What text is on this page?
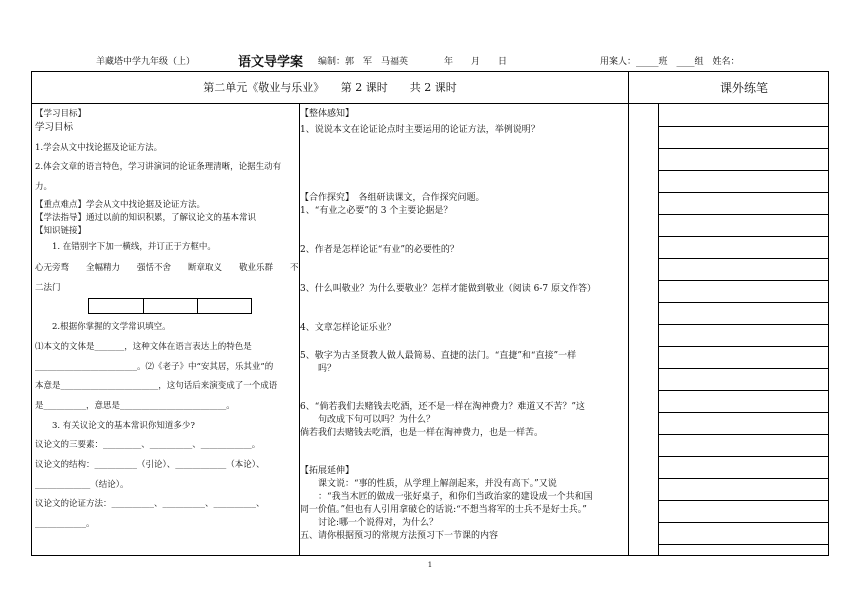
羊藏塔中学九年级（上）	语文导学案 编制：郭　军　马福英	年　　月　　日	用案人：_____班　____组　姓名：
第二单元《敬业与乐业》　　第 2 课时　　共 2 课时	课外练笔

【学习目标】

学习目标

1.学会从文中找论据及论证方法。

2.体会文章的语言特色，学习讲演词的论证条理清晰，论据生动有

力。

【重点难点】学会从文中找论据及论证方法。

【学法指导】通过以前的知识积累，了解议论文的基本常识

【知识链接】

　　1. 在错别字下加一横线，并订正于方框中。

心无旁骛　　全幅精力　　强恬不舍　　断章取义　　敬业乐群　　不

二法门

　　2.根据你掌握的文学常识填空。

⑴本文的文体是_______，这种文体在语言表达上的特色是

________________________。⑵《老子》中“安其居，乐其业”的

本意是_______________________，这句话后来演变成了一个成语

是__________，意思是_________________________。

　　3. 有关议论文的基本常识你知道多少?

议论文的三要素：_________、__________、____________。

议论文的结构：__________（引论）、____________（本论）、

_____________（结论）。

议论文的论证方法：__________、__________、__________、

____________。

【整体感知】

1、说说本文在论证论点时主要运用的论证方法，举例说明？

【合作探究】　各组研读课文，合作探究问题。

1、“有业之必要”的 3 个主要论据是？

2、作者是怎样论证“有业”的必要性的？

3、什么叫敬业？为什么要敬业？怎样才能做到敬业（阅读 6-7 原文作答）

4、文章怎样论证乐业？

5、敬字为古圣贤教人做人最简易、直捷的法门。“直捷”和“直接”一样

　　吗？

6、“倘若我们去赌钱去吃酒，还不是一样在淘神费力？难道又不苦？”这

　　句改成下句可以吗？为什么？

倘若我们去赌钱去吃酒，也是一样在淘神费力，也是一样苦。

【拓展延伸】

　　课文说：“事的性质，从学理上解剖起来，并没有高下。”又说

　　：“我当木匠的做成一张好桌子，和你们当政治家的建设成一个共和国

同一价值。”但也有人引用拿破仑的话说:“不想当将军的士兵不是好士兵。”

　　讨论:哪一个说得对，为什么？

五、请你根据预习的常规方法预习下一节课的内容

1
